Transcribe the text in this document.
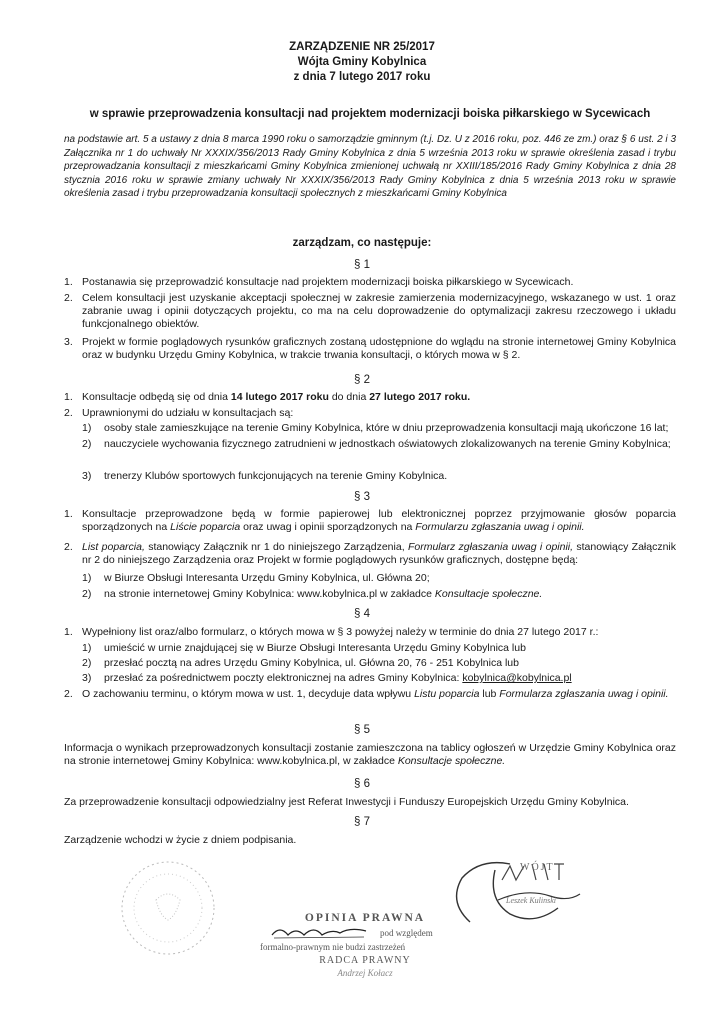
ZARZĄDZENIE NR 25/2017
Wójta Gminy Kobylnica
z dnia 7 lutego 2017 roku
w sprawie przeprowadzenia konsultacji nad projektem modernizacji boiska piłkarskiego w Sycewicach
na podstawie art. 5 a ustawy z dnia 8 marca 1990 roku o samorządzie gminnym (t.j. Dz. U z 2016 roku, poz. 446 ze zm.) oraz § 6 ust. 2 i 3 Załącznika nr 1 do uchwały Nr XXXIX/356/2013 Rady Gminy Kobylnica z dnia 5 września 2013 roku w sprawie określenia zasad i trybu przeprowadzania konsultacji z mieszkańcami Gminy Kobylnica zmienionej uchwałą nr XXIII/185/2016 Rady Gminy Kobylnica z dnia 28 stycznia 2016 roku w sprawie zmiany uchwały Nr XXXIX/356/2013 Rady Gminy Kobylnica z dnia 5 września 2013 roku w sprawie określenia zasad i trybu przeprowadzania konsultacji społecznych z mieszkańcami Gminy Kobylnica
zarządzam, co następuje:
§ 1
1. Postanawia się przeprowadzić konsultacje nad projektem modernizacji boiska piłkarskiego w Sycewicach.
2. Celem konsultacji jest uzyskanie akceptacji społecznej w zakresie zamierzenia modernizacyjnego, wskazanego w ust. 1 oraz zabranie uwag i opinii dotyczących projektu, co ma na celu doprowadzenie do optymalizacji zakresu rzeczowego i układu funkcjonalnego obiektów.
3. Projekt w formie poglądowych rysunków graficznych zostaną udostępnione do wglądu na stronie internetowej Gminy Kobylnica oraz w budynku Urzędu Gminy Kobylnica, w trakcie trwania konsultacji, o których mowa w § 2.
§ 2
1. Konsultacje odbędą się od dnia 14 lutego 2017 roku do dnia 27 lutego 2017 roku.
2. Uprawnionymi do udziału w konsultacjach są:
1) osoby stale zamieszkujące na terenie Gminy Kobylnica, które w dniu przeprowadzenia konsultacji mają ukończone 16 lat;
2) nauczyciele wychowania fizycznego zatrudnieni w jednostkach oświatowych zlokalizowanych na terenie Gminy Kobylnica;
3) trenerzy Klubów sportowych funkcjonujących na terenie Gminy Kobylnica.
§ 3
1. Konsultacje przeprowadzone będą w formie papierowej lub elektronicznej poprzez przyjmowanie głosów poparcia sporządzonych na Liście poparcia oraz uwag i opinii sporządzonych na Formularzu zgłaszania uwag i opinii.
2. List poparcia, stanowiący Załącznik nr 1 do niniejszego Zarządzenia, Formularz zgłaszania uwag i opinii, stanowiący Załącznik nr 2 do niniejszego Zarządzenia oraz Projekt w formie poglądowych rysunków graficznych, dostępne będą:
1) w Biurze Obsługi Interesanta Urzędu Gminy Kobylnica, ul. Główna 20;
2) na stronie internetowej Gminy Kobylnica: www.kobylnica.pl w zakładce Konsultacje społeczne.
§ 4
1. Wypełniony list oraz/albo formularz, o których mowa w § 3 powyżej należy w terminie do dnia 27 lutego 2017 r.:
1) umieścić w urnie znajdującej się w Biurze Obsługi Interesanta Urzędu Gminy Kobylnica lub
2) przesłać pocztą na adres Urzędu Gminy Kobylnica, ul. Główna 20, 76 - 251 Kobylnica lub
3) przesłać za pośrednictwem poczty elektronicznej na adres Gminy Kobylnica: kobylnica@kobylnica.pl
2. O zachowaniu terminu, o którym mowa w ust. 1, decyduje data wpływu Listu poparcia lub Formularza zgłaszania uwag i opinii.
§ 5
Informacja o wynikach przeprowadzonych konsultacji zostanie zamieszczona na tablicy ogłoszeń w Urzędzie Gminy Kobylnica oraz na stronie internetowej Gminy Kobylnica: www.kobylnica.pl, w zakładce Konsultacje społeczne.
§ 6
Za przeprowadzenie konsultacji odpowiedzialny jest Referat Inwestycji i Funduszy Europejskich Urzędu Gminy Kobylnica.
§ 7
Zarządzenie wchodzi w życie z dniem podpisania.
WÓJT
Leszek Kulinski
OPINIA PRAWNA
pod względem
formalno-prawnym nie budzi zastrzeżeń
RADCA PRAWNY
Andrzej Kołacz
